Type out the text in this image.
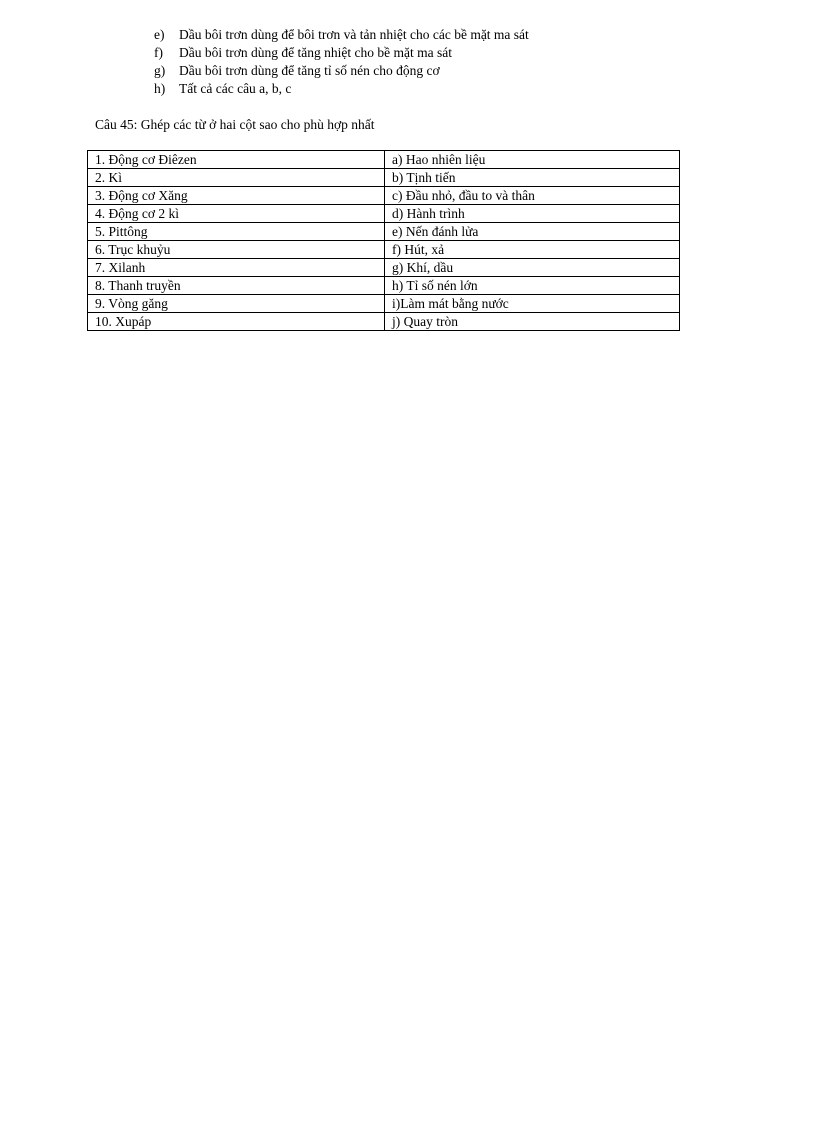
e)	Dầu bôi trơn dùng để bôi trơn và tản nhiệt cho các bề mặt ma sát
f)	Dầu bôi trơn dùng để tăng nhiệt cho bề mặt ma sát
g)	Dầu bôi trơn dùng để tăng tỉ số nén cho động cơ
h)	Tất cả các câu a, b, c
Câu 45: Ghép các từ ở hai cột sao cho phù hợp nhất
1. Động cơ Điêzen	a) Hao nhiên liệu
2. Kì	b) Tịnh tiến
3. Động cơ Xăng	c) Đầu nhỏ, đầu to và thân
4. Động cơ 2 kì	d) Hành trình
5. Pittông	e) Nến đánh lửa
6. Trục khuỷu	f) Hút, xả
7. Xilanh	g) Khí, dầu
8. Thanh truyền	h) Tỉ số nén lớn
9. Vòng găng	i)Làm mát bằng nước
10. Xupáp	j) Quay tròn
